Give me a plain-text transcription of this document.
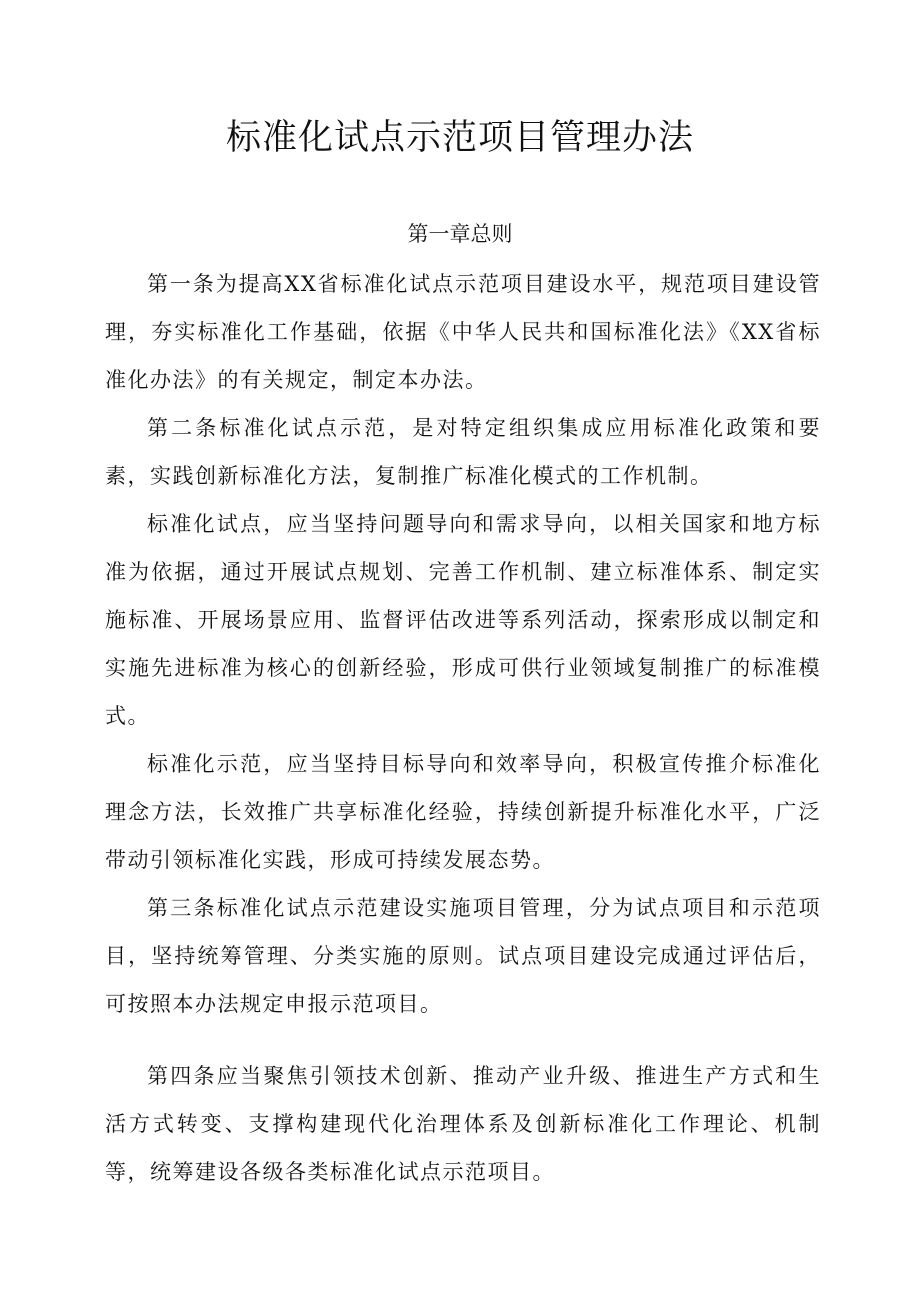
标准化试点示范项目管理办法
第一章总则

第一条为提高XX省标准化试点示范项目建设水平，规范项目建设管理，夯实标准化工作基础，依据《中华人民共和国标准化法》《XX省标准化办法》的有关规定，制定本办法。

第二条标准化试点示范，是对特定组织集成应用标准化政策和要素，实践创新标准化方法，复制推广标准化模式的工作机制。

标准化试点，应当坚持问题导向和需求导向，以相关国家和地方标准为依据，通过开展试点规划、完善工作机制、建立标准体系、制定实施标准、开展场景应用、监督评估改进等系列活动，探索形成以制定和实施先进标准为核心的创新经验，形成可供行业领域复制推广的标准模式。

标准化示范，应当坚持目标导向和效率导向，积极宣传推介标准化理念方法，长效推广共享标准化经验，持续创新提升标准化水平，广泛带动引领标准化实践，形成可持续发展态势。

第三条标准化试点示范建设实施项目管理，分为试点项目和示范项目，坚持统筹管理、分类实施的原则。试点项目建设完成通过评估后，可按照本办法规定申报示范项目。

第四条应当聚焦引领技术创新、推动产业升级、推进生产方式和生活方式转变、支撑构建现代化治理体系及创新标准化工作理论、机制等，统筹建设各级各类标准化试点示范项目。
